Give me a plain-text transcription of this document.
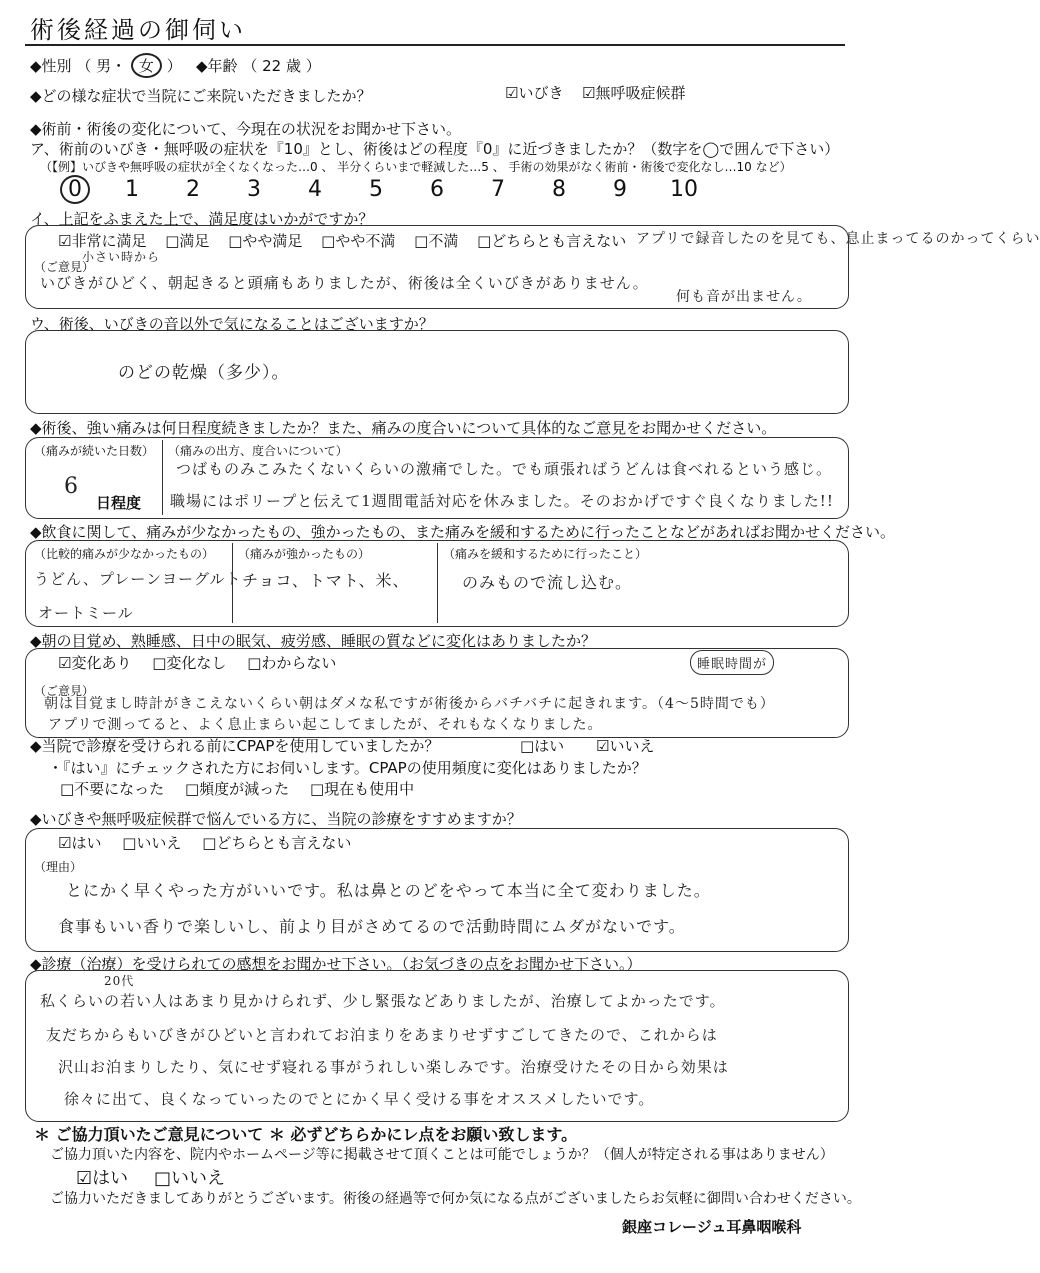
術後経過の御伺い
◆性別 （ 男・ 女 ） ◆年齢 （ 22 歳 ）
◆どの様な症状で当院にご来院いただきましたか？	☑いびき ☑無呼吸症候群
◆術前・術後の変化について、今現在の状況をお聞かせ下さい。
ア、術前のいびき・無呼吸の症状を『10』とし、術後はどの程度『0』に近づきましたか？（数字を◯で囲んで下さい）
（【例】いびきや無呼吸の症状が全くなくなった…0 、 半分くらいまで軽減した…5 、 手術の効果がなく術前・術後で変化なし…10 など）
0 1 2 3 4 5 6 7 8 9 10
イ、上記をふまえた上で、満足度はいかがですか？
☑非常に満足 □満足 □やや満足 □やや不満 □不満 □どちらとも言えない
（ご意見）
小さい時から
アプリで録音したのを見ても、息止まってるのかってくらい
いびきがひどく、朝起きると頭痛もありましたが、術後は全くいびきがありません。
何も音が出ません。
ウ、術後、いびきの音以外で気になることはございますか？
のどの乾燥（多少）。
◆術後、強い痛みは何日程度続きましたか？また、痛みの度合いについて具体的なご意見をお聞かせください。
（痛みが続いた日数）
6
日程度
（痛みの出方、度合いについて）
つばものみこみたくないくらいの激痛でした。でも頑張ればうどんは食べれるという感じ。
職場にはポリープと伝えて1週間電話対応を休みました。そのおかげですぐ良くなりました!!
◆飲食に関して、痛みが少なかったもの、強かったもの、また痛みを緩和するために行ったことなどがあればお聞かせください。
（比較的痛みが少なかったもの）
うどん、プレーンヨーグルト
オートミール
（痛みが強かったもの）
チョコ、トマト、米、
（痛みを緩和するために行ったこと）
のみもので流し込む。
◆朝の目覚め、熟睡感、日中の眠気、疲労感、睡眠の質などに変化はありましたか？
☑変化あり □変化なし □わからない	睡眠時間が
（ご意見）
朝は目覚まし時計がきこえないくらい朝はダメな私ですが術後からバチバチに起きれます。（4〜5時間でも）
アプリで測ってると、よく息止まらい起こしてましたが、それもなくなりました。
◆当院で診療を受けられる前にCPAPを使用していましたか？	□はい ☑いいえ
・『はい』にチェックされた方にお伺いします。CPAPの使用頻度に変化はありましたか？
□不要になった □頻度が減った □現在も使用中
◆いびきや無呼吸症候群で悩んでいる方に、当院の診療をすすめますか？
☑はい □いいえ □どちらとも言えない
（理由）
とにかく早くやった方がいいです。私は鼻とのどをやって本当に全て変わりました。
食事もいい香りで楽しいし、前より目がさめてるので活動時間にムダがないです。
◆診療（治療）を受けられての感想をお聞かせ下さい。（お気づきの点をお聞かせ下さい。）
20代
私くらいの若い人はあまり見かけられず、少し緊張などありましたが、治療してよかったです。
友だちからもいびきがひどいと言われてお泊まりをあまりせずすごしてきたので、これからは
沢山お泊まりしたり、気にせず寝れる事がうれしい楽しみです。治療受けたその日から効果は
徐々に出て、良くなっていったのでとにかく早く受ける事をオススメしたいです。
＊ ご協力頂いたご意見について ＊ 必ずどちらかにレ点をお願い致します。
ご協力頂いた内容を、院内やホームページ等に掲載させて頂くことは可能でしょうか？（個人が特定される事はありません）
☑はい □いいえ
ご協力いただきましてありがとうございます。術後の経過等で何か気になる点がございましたらお気軽に御問い合わせください。
銀座コレージュ耳鼻咽喉科
